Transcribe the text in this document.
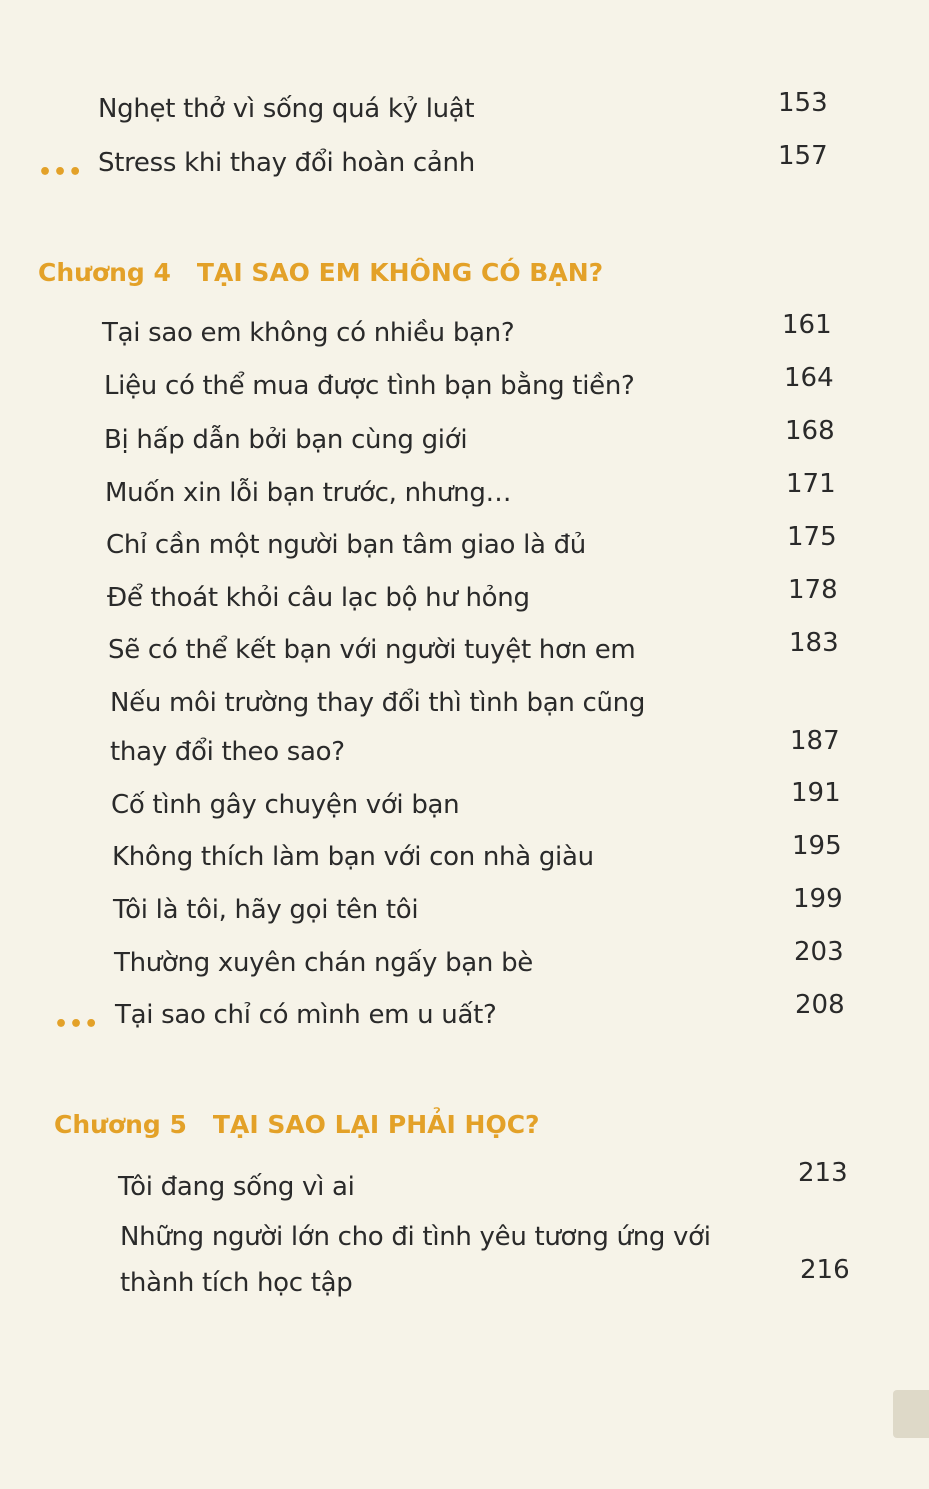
Nghẹt thở vì sống quá kỷ luật	153
••• Stress khi thay đổi hoàn cảnh	157
Chương 4 TẠI SAO EM KHÔNG CÓ BẠN?
Tại sao em không có nhiều bạn?	161
Liệu có thể mua được tình bạn bằng tiền?	164
Bị hấp dẫn bởi bạn cùng giới	168
Muốn xin lỗi bạn trước, nhưng…	171
Chỉ cần một người bạn tâm giao là đủ	175
Để thoát khỏi câu lạc bộ hư hỏng	178
Sẽ có thể kết bạn với người tuyệt hơn em	183
Nếu môi trường thay đổi thì tình bạn cũng
thay đổi theo sao?	187
Cố tình gây chuyện với bạn	191
Không thích làm bạn với con nhà giàu	195
Tôi là tôi, hãy gọi tên tôi	199
Thường xuyên chán ngấy bạn bè	203
••• Tại sao chỉ có mình em u uất?	208
Chương 5 TẠI SAO LẠI PHẢI HỌC?
Tôi đang sống vì ai	213
Những người lớn cho đi tình yêu tương ứng với
thành tích học tập	216
